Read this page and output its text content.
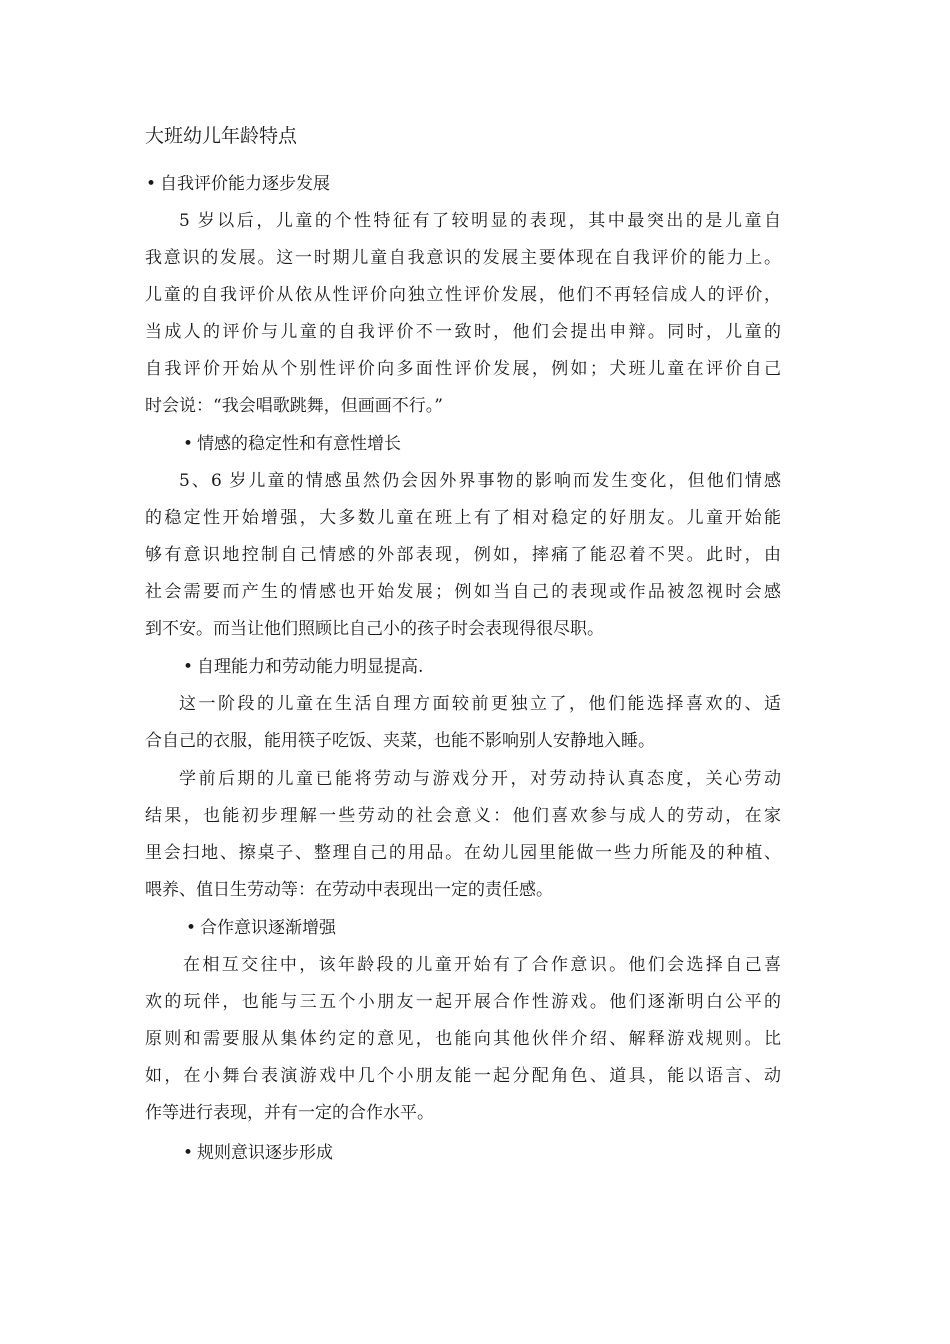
大班幼儿年龄特点
• 自我评价能力逐步发展
5 岁以后，儿童的个性特征有了较明显的表现，其中最突出的是儿童自
我意识的发展。这一时期儿童自我意识的发展主要体现在自我评价的能力上。
儿童的自我评价从依从性评价向独立性评价发展，他们不再轻信成人的评价，
当成人的评价与儿童的自我评价不一致时，他们会提出申辩。同时，儿童的
自我评价开始从个别性评价向多面性评价发展，例如；犬班儿童在评价自己
时会说：“我会唱歌跳舞，但画画不行。”
• 情感的稳定性和有意性增长
5、6 岁儿童的情感虽然仍会因外界事物的影响而发生变化，但他们情感
的稳定性开始增强，大多数儿童在班上有了相对稳定的好朋友。儿童开始能
够有意识地控制自己情感的外部表现，例如，摔痛了能忍着不哭。此时，由
社会需要而产生的情感也开始发展；例如当自己的表现或作品被忽视时会感
到不安。而当让他们照顾比自己小的孩子时会表现得很尽职。
• 自理能力和劳动能力明显提高.
这一阶段的儿童在生活自理方面较前更独立了，他们能选择喜欢的、适
合自己的衣服，能用筷子吃饭、夹菜，也能不影响别人安静地入睡。
学前后期的儿童已能将劳动与游戏分开，对劳动持认真态度，关心劳动
结果，也能初步理解一些劳动的社会意义：他们喜欢参与成人的劳动，在家
里会扫地、擦桌子、整理自己的用品。在幼儿园里能做一些力所能及的种植、
喂养、值日生劳动等：在劳动中表现出一定的责任感。
• 合作意识逐渐增强
在相互交往中，该年龄段的儿童开始有了合作意识。他们会选择自己喜
欢的玩伴，也能与三五个小朋友一起开展合作性游戏。他们逐渐明白公平的
原则和需要服从集体约定的意见，也能向其他伙伴介绍、解释游戏规则。比
如，在小舞台表演游戏中几个小朋友能一起分配角色、道具，能以语言、动
作等进行表现，并有一定的合作水平。
• 规则意识逐步形成
